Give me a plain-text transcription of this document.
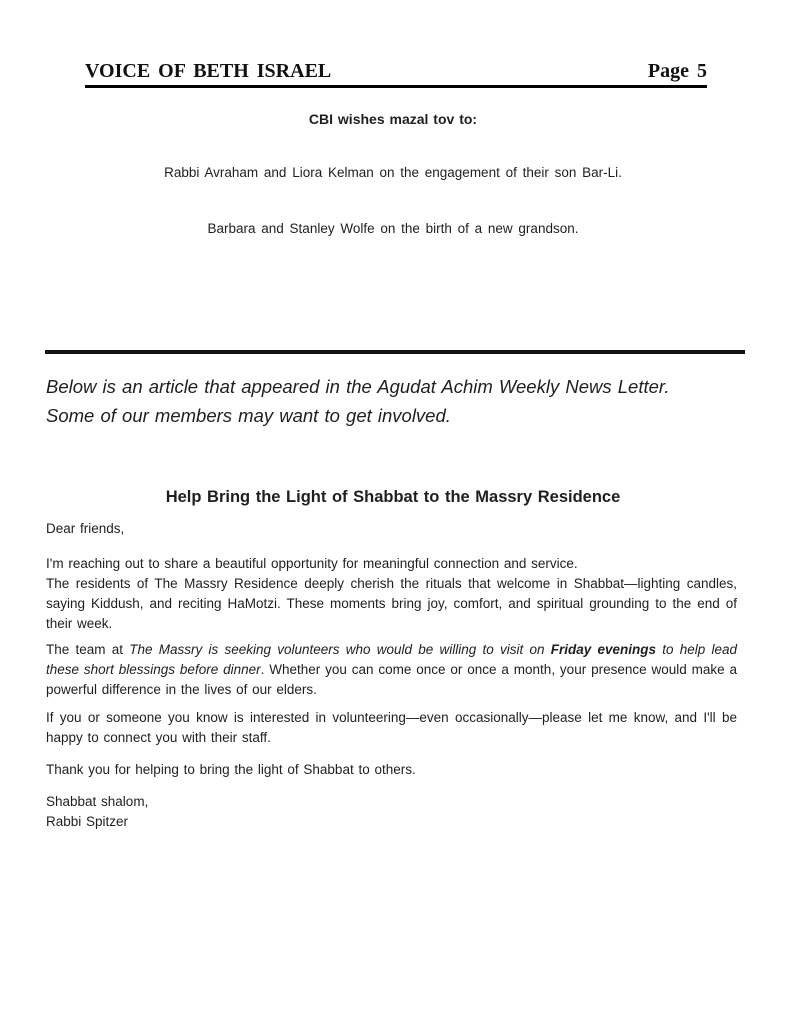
VOICE OF BETH ISRAEL	Page 5
CBI wishes mazal tov to:
Rabbi Avraham and Liora Kelman on the engagement of their son Bar-Li.
Barbara and Stanley Wolfe on the birth of a new grandson.
Below is an article that appeared in the Agudat Achim Weekly News Letter.
Some of our members may want to get involved.
Help Bring the Light of Shabbat to the Massry Residence

Dear friends,

I'm reaching out to share a beautiful opportunity for meaningful connection and service.
The residents of The Massry Residence deeply cherish the rituals that welcome in Shabbat—lighting candles, saying Kiddush, and reciting HaMotzi. These moments bring joy, comfort, and spiritual grounding to the end of their week.

The team at The Massry is seeking volunteers who would be willing to visit on Friday evenings to help lead these short blessings before dinner. Whether you can come once or once a month, your presence would make a powerful difference in the lives of our elders.

If you or someone you know is interested in volunteering—even occasionally—please let me know, and I'll be happy to connect you with their staff.

Thank you for helping to bring the light of Shabbat to others.

Shabbat shalom,

Rabbi Spitzer
